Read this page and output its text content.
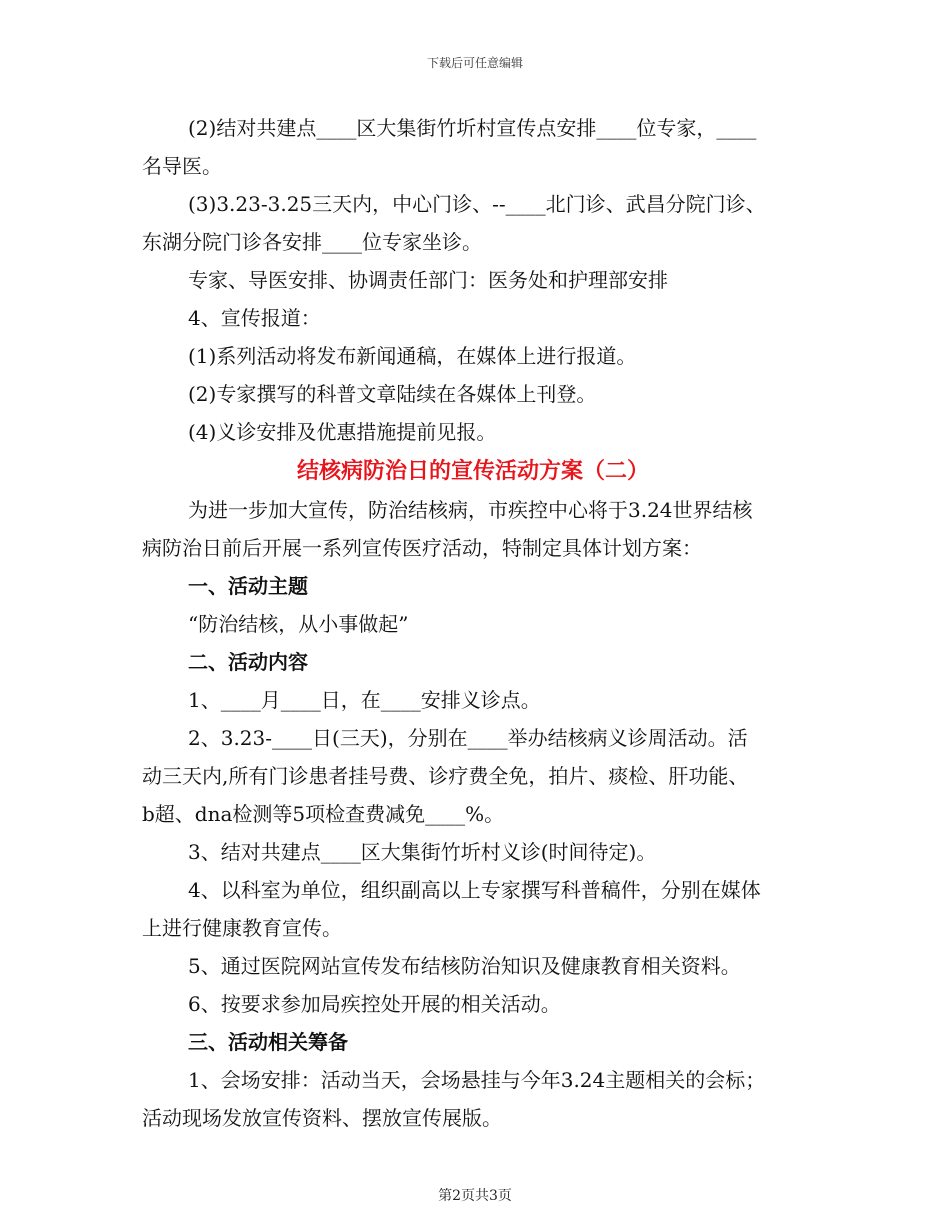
下载后可任意编辑

(2)结对共建点____区大集街竹圻村宣传点安排____位专家，____

名导医。

(3)3.23-3.25三天内，中心门诊、--____北门诊、武昌分院门诊、

东湖分院门诊各安排____位专家坐诊。

专家、导医安排、协调责任部门：医务处和护理部安排

4、宣传报道：

(1)系列活动将发布新闻通稿，在媒体上进行报道。

(2)专家撰写的科普文章陆续在各媒体上刊登。

(4)义诊安排及优惠措施提前见报。

结核病防治日的宣传活动方案（二）

为进一步加大宣传，防治结核病，市疾控中心将于3.24世界结核

病防治日前后开展一系列宣传医疗活动，特制定具体计划方案：

一、活动主题

“防治结核，从小事做起”

二、活动内容

1、____月____日，在____安排义诊点。

2、3.23-____日(三天)，分别在____举办结核病义诊周活动。活

动三天内,所有门诊患者挂号费、诊疗费全免，拍片、痰检、肝功能、

b超、dna检测等5项检查费减免____%。

3、结对共建点____区大集街竹圻村义诊(时间待定)。

4、以科室为单位，组织副高以上专家撰写科普稿件，分别在媒体

上进行健康教育宣传。

5、通过医院网站宣传发布结核防治知识及健康教育相关资料。

6、按要求参加局疾控处开展的相关活动。

三、活动相关筹备

1、会场安排：活动当天，会场悬挂与今年3.24主题相关的会标；

活动现场发放宣传资料、摆放宣传展版。

第2页共3页
